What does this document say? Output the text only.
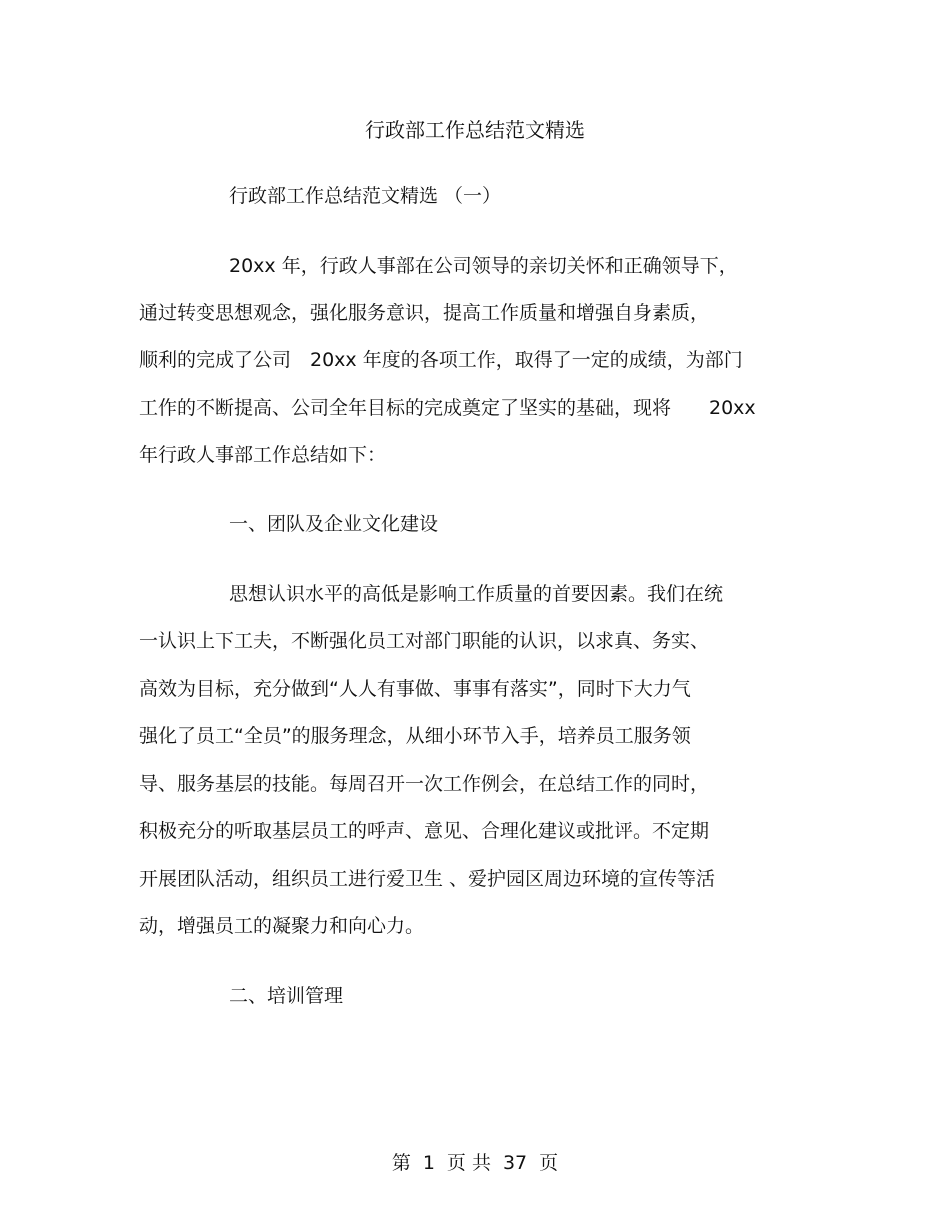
行政部工作总结范文精选

行政部工作总结范文精选 （一）

20xx 年，行政人事部在公司领导的亲切关怀和正确领导下，

通过转变思想观念，强化服务意识，提高工作质量和增强自身素质，

顺利的完成了公司　20xx 年度的各项工作，取得了一定的成绩，为部门

工作的不断提高、公司全年目标的完成奠定了坚实的基础，现将　　20xx

年行政人事部工作总结如下：

一、团队及企业文化建设

思想认识水平的高低是影响工作质量的首要因素。我们在统

一认识上下工夫，不断强化员工对部门职能的认识，以求真、务实、

高效为目标，充分做到“人人有事做、事事有落实”，同时下大力气

强化了员工“全员”的服务理念，从细小环节入手，培养员工服务领

导、服务基层的技能。每周召开一次工作例会，在总结工作的同时，

积极充分的听取基层员工的呼声、意见、合理化建议或批评。不定期

开展团队活动，组织员工进行爱卫生 、爱护园区周边环境的宣传等活

动，增强员工的凝聚力和向心力。

二、培训管理

第 1 页 共 37 页
